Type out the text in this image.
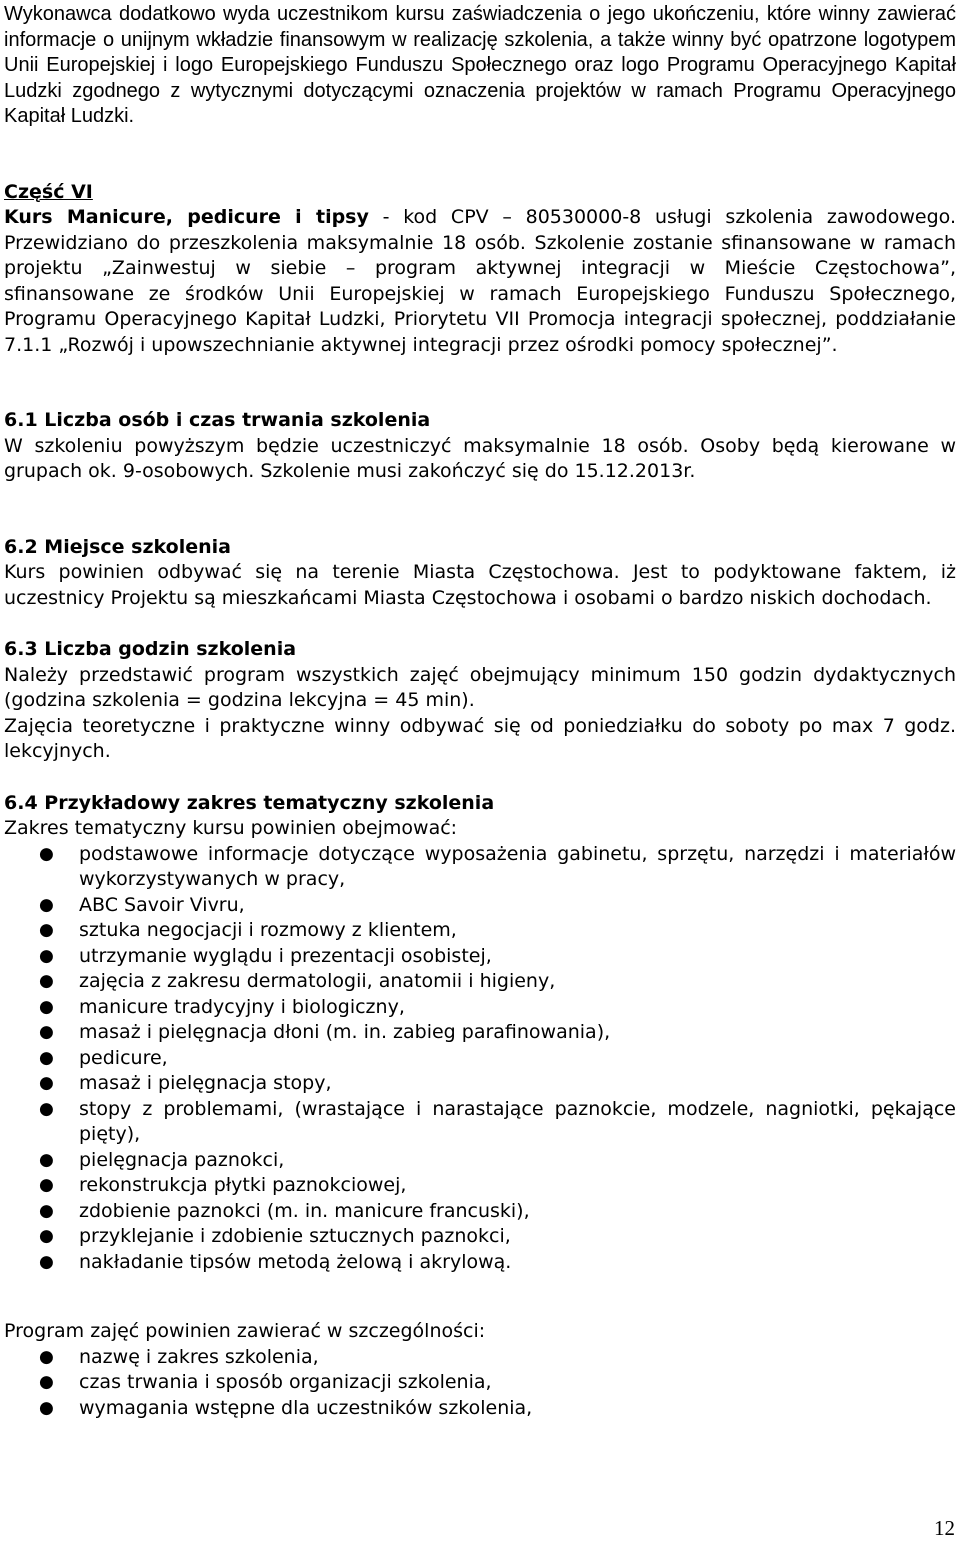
Wykonawca dodatkowo wyda uczestnikom kursu zaświadczenia o jego ukończeniu, które winny zawierać informacje o unijnym wkładzie finansowym w realizację szkolenia, a także winny być opatrzone logotypem Unii Europejskiej i logo Europejskiego Funduszu Społecznego oraz logo Programu Operacyjnego Kapitał Ludzki zgodnego z wytycznymi dotyczącymi oznaczenia projektów w ramach Programu Operacyjnego Kapitał Ludzki.

Część VI

Kurs Manicure, pedicure i tipsy - kod CPV – 80530000-8 usługi szkolenia zawodowego. Przewidziano do przeszkolenia maksymalnie 18 osób. Szkolenie zostanie sfinansowane w ramach projektu „Zainwestuj w siebie – program aktywnej integracji w Mieście Częstochowa”, sfinansowane ze środków Unii Europejskiej w ramach Europejskiego Funduszu Społecznego, Programu Operacyjnego Kapitał Ludzki, Priorytetu VII Promocja integracji społecznej, poddziałanie 7.1.1 „Rozwój i upowszechnianie aktywnej integracji przez ośrodki pomocy społecznej”.

6.1 Liczba osób i czas trwania szkolenia

W szkoleniu powyższym będzie uczestniczyć maksymalnie 18 osób. Osoby będą kierowane w grupach ok. 9-osobowych. Szkolenie musi zakończyć się do 15.12.2013r.

6.2 Miejsce szkolenia

Kurs powinien odbywać się na terenie Miasta Częstochowa. Jest to podyktowane faktem, iż uczestnicy Projektu są mieszkańcami Miasta Częstochowa i osobami o bardzo niskich dochodach.

6.3 Liczba godzin szkolenia

Należy przedstawić program wszystkich zajęć obejmujący minimum 150 godzin dydaktycznych (godzina szkolenia = godzina lekcyjna = 45 min).

Zajęcia teoretyczne i praktyczne winny odbywać się od poniedziałku do soboty po max 7 godz. lekcyjnych.

6.4 Przykładowy zakres tematyczny szkolenia

Zakres tematyczny kursu powinien obejmować:

● podstawowe informacje dotyczące wyposażenia gabinetu, sprzętu, narzędzi i materiałów wykorzystywanych w pracy,
● ABC Savoir Vivru,
● sztuka negocjacji i rozmowy z klientem,
● utrzymanie wyglądu i prezentacji osobistej,
● zajęcia z zakresu dermatologii, anatomii i higieny,
● manicure tradycyjny i biologiczny,
● masaż i pielęgnacja dłoni (m. in. zabieg parafinowania),
● pedicure,
● masaż i pielęgnacja stopy,
● stopy z problemami, (wrastające i narastające paznokcie, modzele, nagniotki, pękające pięty),
● pielęgnacja paznokci,
● rekonstrukcja płytki paznokciowej,
● zdobienie paznokci (m. in. manicure francuski),
● przyklejanie i zdobienie sztucznych paznokci,
● nakładanie tipsów metodą żelową i akrylową.

Program zajęć powinien zawierać w szczególności:

● nazwę i zakres szkolenia,
● czas trwania i sposób organizacji szkolenia,
● wymagania wstępne dla uczestników szkolenia,
12
